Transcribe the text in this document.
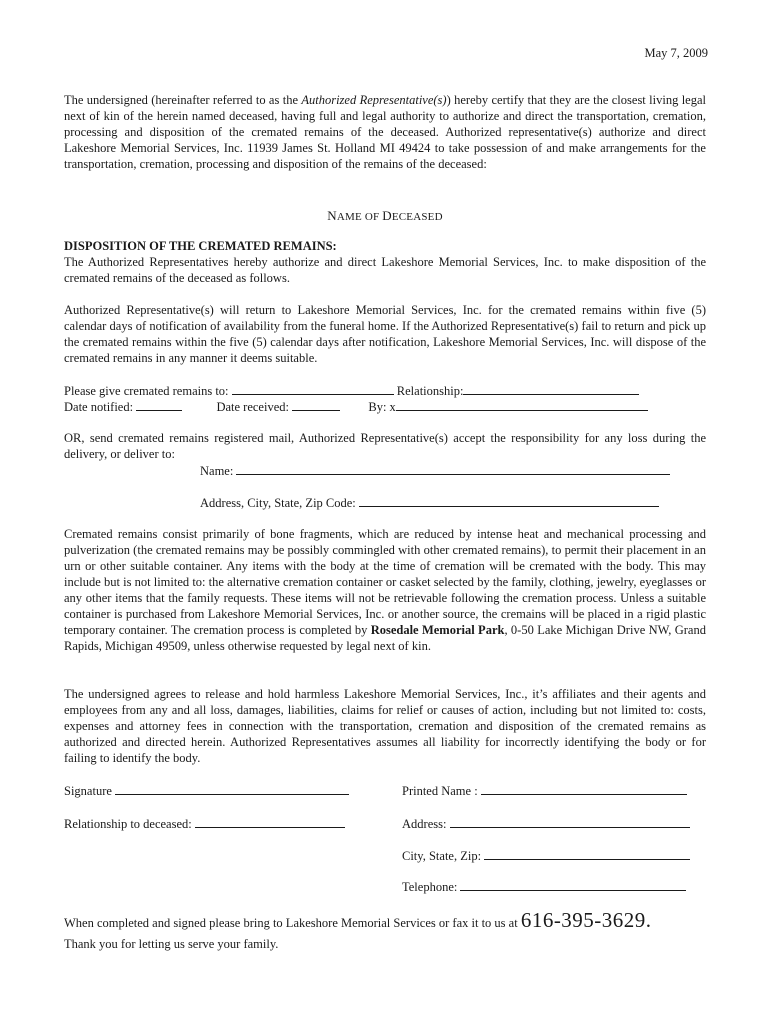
May 7, 2009
The undersigned (hereinafter referred to as the Authorized Representative(s)) hereby certify that they are the closest living legal next of kin of the herein named deceased, having full and legal authority to authorize and direct the transportation, cremation, processing and disposition of the cremated remains of the deceased. Authorized representative(s) authorize and direct Lakeshore Memorial Services, Inc. 11939 James St. Holland MI 49424 to take possession of and make arrangements for the transportation, cremation, processing and disposition of the remains of the deceased:
NAME OF DECEASED
DISPOSITION OF THE CREMATED REMAINS:
The Authorized Representatives hereby authorize and direct Lakeshore Memorial Services, Inc. to make disposition of the cremated remains of the deceased as follows.
Authorized Representative(s) will return to Lakeshore Memorial Services, Inc. for the cremated remains within five (5) calendar days of notification of availability from the funeral home. If the Authorized Representative(s) fail to return and pick up the cremated remains within the five (5) calendar days after notification, Lakeshore Memorial Services, Inc. will dispose of the cremated remains in any manner it deems suitable.
Please give cremated remains to:	Relationship:
Date notified:	Date received:	By: x
OR, send cremated remains registered mail, Authorized Representative(s) accept the responsibility for any loss during the delivery, or deliver to:
Name:
Address, City, State, Zip Code:
Cremated remains consist primarily of bone fragments, which are reduced by intense heat and mechanical processing and pulverization (the cremated remains may be possibly commingled with other cremated remains), to permit their placement in an urn or other suitable container. Any items with the body at the time of cremation will be cremated with the body. This may include but is not limited to: the alternative cremation container or casket selected by the family, clothing, jewelry, eyeglasses or any other items that the family requests. These items will not be retrievable following the cremation process. Unless a suitable container is purchased from Lakeshore Memorial Services, Inc. or another source, the cremains will be placed in a rigid plastic temporary container. The cremation process is completed by Rosedale Memorial Park, 0-50 Lake Michigan Drive NW, Grand Rapids, Michigan 49509, unless otherwise requested by legal next of kin.
The undersigned agrees to release and hold harmless Lakeshore Memorial Services, Inc., it’s affiliates and their agents and employees from any and all loss, damages, liabilities, claims for relief or causes of action, including but not limited to: costs, expenses and attorney fees in connection with the transportation, cremation and disposition of the cremated remains as authorized and directed herein. Authorized Representatives assumes all liability for incorrectly identifying the body or for failing to identify the body.
Signature	Printed Name :
Relationship to deceased:	Address:
City, State, Zip:
Telephone:
When completed and signed please bring to Lakeshore Memorial Services or fax it to us at 616-395-3629.
Thank you for letting us serve your family.
